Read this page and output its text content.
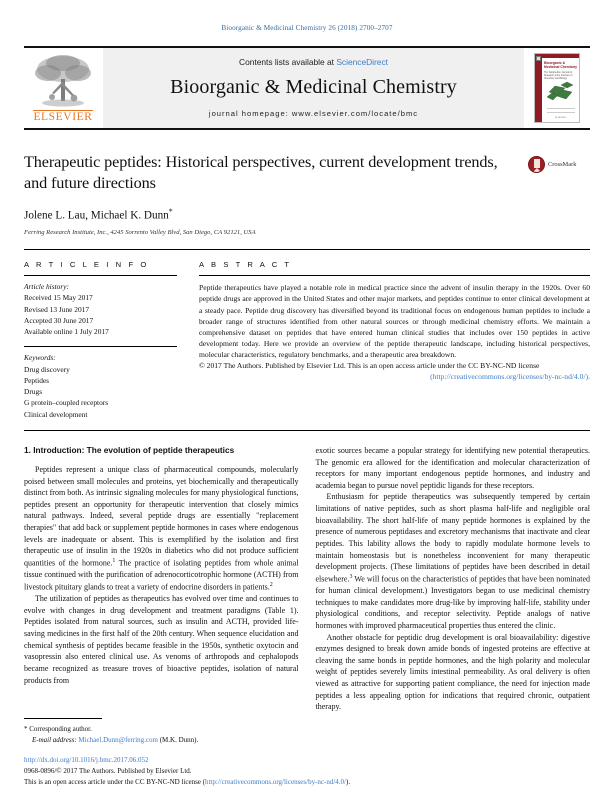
Bioorganic & Medicinal Chemistry 26 (2018) 2700–2707
ELSEVIER
Contents lists available at ScienceDirect
Bioorganic & Medicinal Chemistry
journal homepage: www.elsevier.com/locate/bmc
Bioorganic & Medicinal Chemistry
The Tetrahedron Journal for Research at the Interface of Chemistry and Biology
ELSEVIER
Therapeutic peptides: Historical perspectives, current development trends, and future directions

Jolene L. Lau, Michael K. Dunn*

Ferring Research Institute, Inc., 4245 Sorrento Valley Blvd, San Diego, CA 92121, USA

CrossMark
A R T I C L E I N F O
Article history:
Received 15 May 2017
Revised 13 June 2017
Accepted 30 June 2017
Available online 1 July 2017
Keywords:
Drug discovery
Peptides
Drugs
G protein–coupled receptors
Clinical development
A B S T R A C T

Peptide therapeutics have played a notable role in medical practice since the advent of insulin therapy in the 1920s. Over 60 peptide drugs are approved in the United States and other major markets, and peptides continue to enter clinical development at a steady pace. Peptide drug discovery has diversified beyond its traditional focus on endogenous human peptides to include a broader range of structures identified from other natural sources or through medicinal chemistry efforts. We maintain a comprehensive dataset on peptides that have entered human clinical studies that includes over 150 peptides in active development today. Here we provide an overview of the peptide therapeutic landscape, including historical perspectives, molecular characteristics, regulatory benchmarks, and a therapeutic area breakdown.
© 2017 The Authors. Published by Elsevier Ltd. This is an open access article under the CC BY-NC-ND license
(http://creativecommons.org/licenses/by-nc-nd/4.0/).

1. Introduction: The evolution of peptide therapeutics

Peptides represent a unique class of pharmaceutical compounds, molecularly poised between small molecules and proteins, yet biochemically and therapeutically distinct from both. As intrinsic signaling molecules for many physiological functions, peptides present an opportunity for therapeutic intervention that closely mimics natural pathways. Indeed, several peptide drugs are essentially "replacement therapies" that add back or supplement peptide hormones in cases where endogenous levels are inadequate or absent. This is exemplified by the isolation and first therapeutic use of insulin in the 1920s in diabetics who did not produce sufficient quantities of the hormone.$^1$ The practice of isolating peptides from whole animal tissue continued with the purification of adrenocorticotrophic hormone (ACTH) from livestock pituitary glands to treat a variety of endocrine disorders in patients.$^2$

The utilization of peptides as therapeutics has evolved over time and continues to evolve with changes in drug development and treatment paradigms (Table 1). Peptides isolated from natural sources, such as insulin and ACTH, provided life-saving medicines in the first half of the 20th century. When sequence elucidation and chemical synthesis of peptides became feasible in the 1950s, synthetic oxytocin and vasopressin also entered clinical use. As venoms of arthropods and cephalopods became recognized as treasure troves of bioactive peptides, isolation of natural products from

exotic sources became a popular strategy for identifying new potential therapeutics. The genomic era allowed for the identification and molecular characterization of receptors for many important endogenous peptide hormones, and industry and academia began to pursue novel peptidic ligands for these receptors.

Enthusiasm for peptide therapeutics was subsequently tempered by certain limitations of native peptides, such as short plasma half-life and negligible oral bioavailability. The short half-life of many peptide hormones is explained by the presence of numerous peptidases and excretory mechanisms that inactivate and clear peptides. This lability allows the body to rapidly modulate hormone levels to maintain homeostasis but is nonetheless inconvenient for many therapeutic development projects. (These limitations of peptides have been described in detail elsewhere.$^3$ We will focus on the characteristics of peptides that have been nominated for human clinical development.) Investigators began to use medicinal chemistry techniques to make candidates more drug-like by improving half-life, stability under physiological conditions, and receptor selectivity. Peptide analogs of native hormones with improved pharmaceutical properties thus entered the clinic.

Another obstacle for peptidic drug development is oral bioavailability: digestive enzymes designed to break down amide bonds of ingested proteins are effective at cleaving the same bonds in peptide hormones, and the high polarity and molecular weight of peptides severely limits intestinal permeability. As oral delivery is often viewed as attractive for supporting patient compliance, the need for injection made peptides a less appealing option for indications that required chronic, outpatient therapy.

* Corresponding author.
E-mail address: Michael.Dunn@ferring.com (M.K. Dunn).
http://dx.doi.org/10.1016/j.bmc.2017.06.052
0968-0896/© 2017 The Authors. Published by Elsevier Ltd.
This is an open access article under the CC BY-NC-ND license (http://creativecommons.org/licenses/by-nc-nd/4.0/).
